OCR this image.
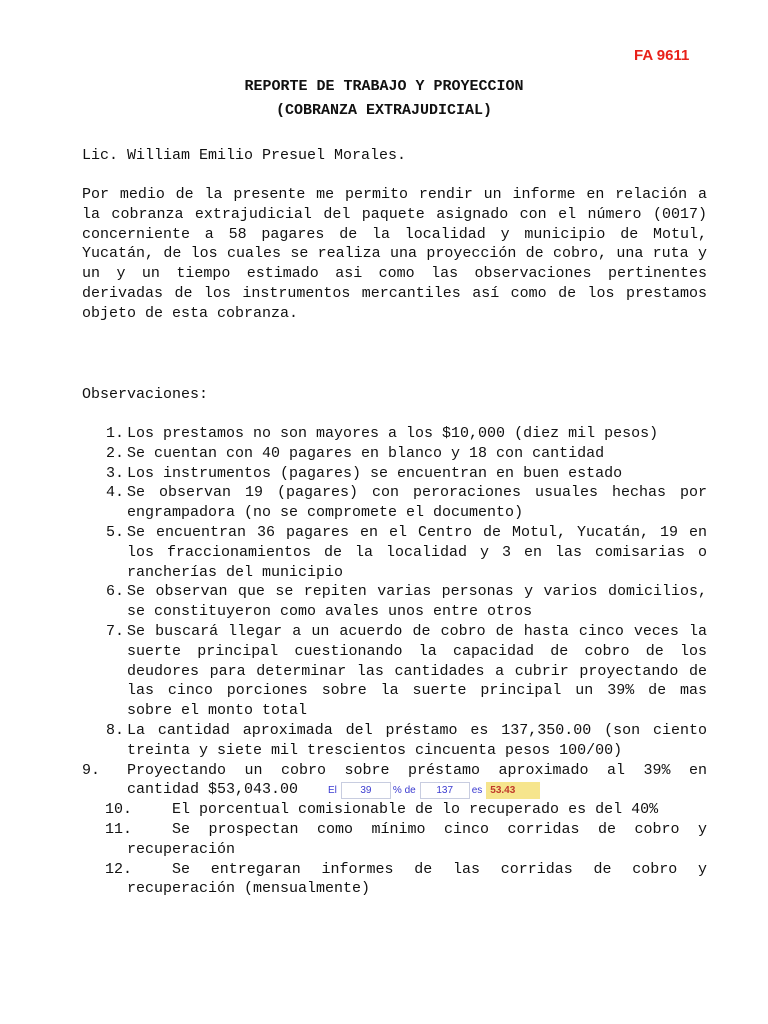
FA 9611
REPORTE DE TRABAJO Y PROYECCION
(COBRANZA EXTRAJUDICIAL)
Lic. William Emilio Presuel Morales.
Por medio de la presente me permito rendir un informe en relación a la cobranza extrajudicial del paquete asignado con el número (0017) concerniente a 58 pagares de la localidad y municipio de Motul, Yucatán, de los cuales se realiza una proyección de cobro, una ruta y un y un tiempo estimado asi como las observaciones pertinentes derivadas de los instrumentos mercantiles así como de los prestamos objeto de esta cobranza.
Observaciones:
1. Los prestamos no son mayores a los $10,000 (diez mil pesos)
2. Se cuentan con 40 pagares en blanco y 18 con cantidad
3. Los instrumentos (pagares) se encuentran en buen estado
4. Se observan 19 (pagares) con peroraciones usuales hechas por engrampadora (no se compromete el documento)
5. Se encuentran 36 pagares en el Centro de Motul, Yucatán, 19 en los fraccionamientos de la localidad y 3 en las comisarias o rancherías del municipio
6. Se observan que se repiten varias personas y varios domicilios, se constituyeron como avales unos entre otros
7. Se buscará llegar a un acuerdo de cobro de hasta cinco veces la suerte principal cuestionando la capacidad de cobro de los deudores para determinar las cantidades a cubrir proyectando de las cinco porciones sobre la suerte principal un 39% de mas sobre el monto total
8. La cantidad aproximada del préstamo es 137,350.00 (son ciento treinta y siete mil trescientos cincuenta pesos 100/00)
9.	Proyectando un cobro sobre préstamo aproximado al 39% en cantidad $53,043.00
10.	El porcentual comisionable de lo recuperado es del 40%
11.	Se prospectan como mínimo cinco corridas de cobro y
recuperación
12.	Se entregaran informes de las corridas de cobro y
recuperación (mensualmente)
El	39	% de	137	es 53.43
